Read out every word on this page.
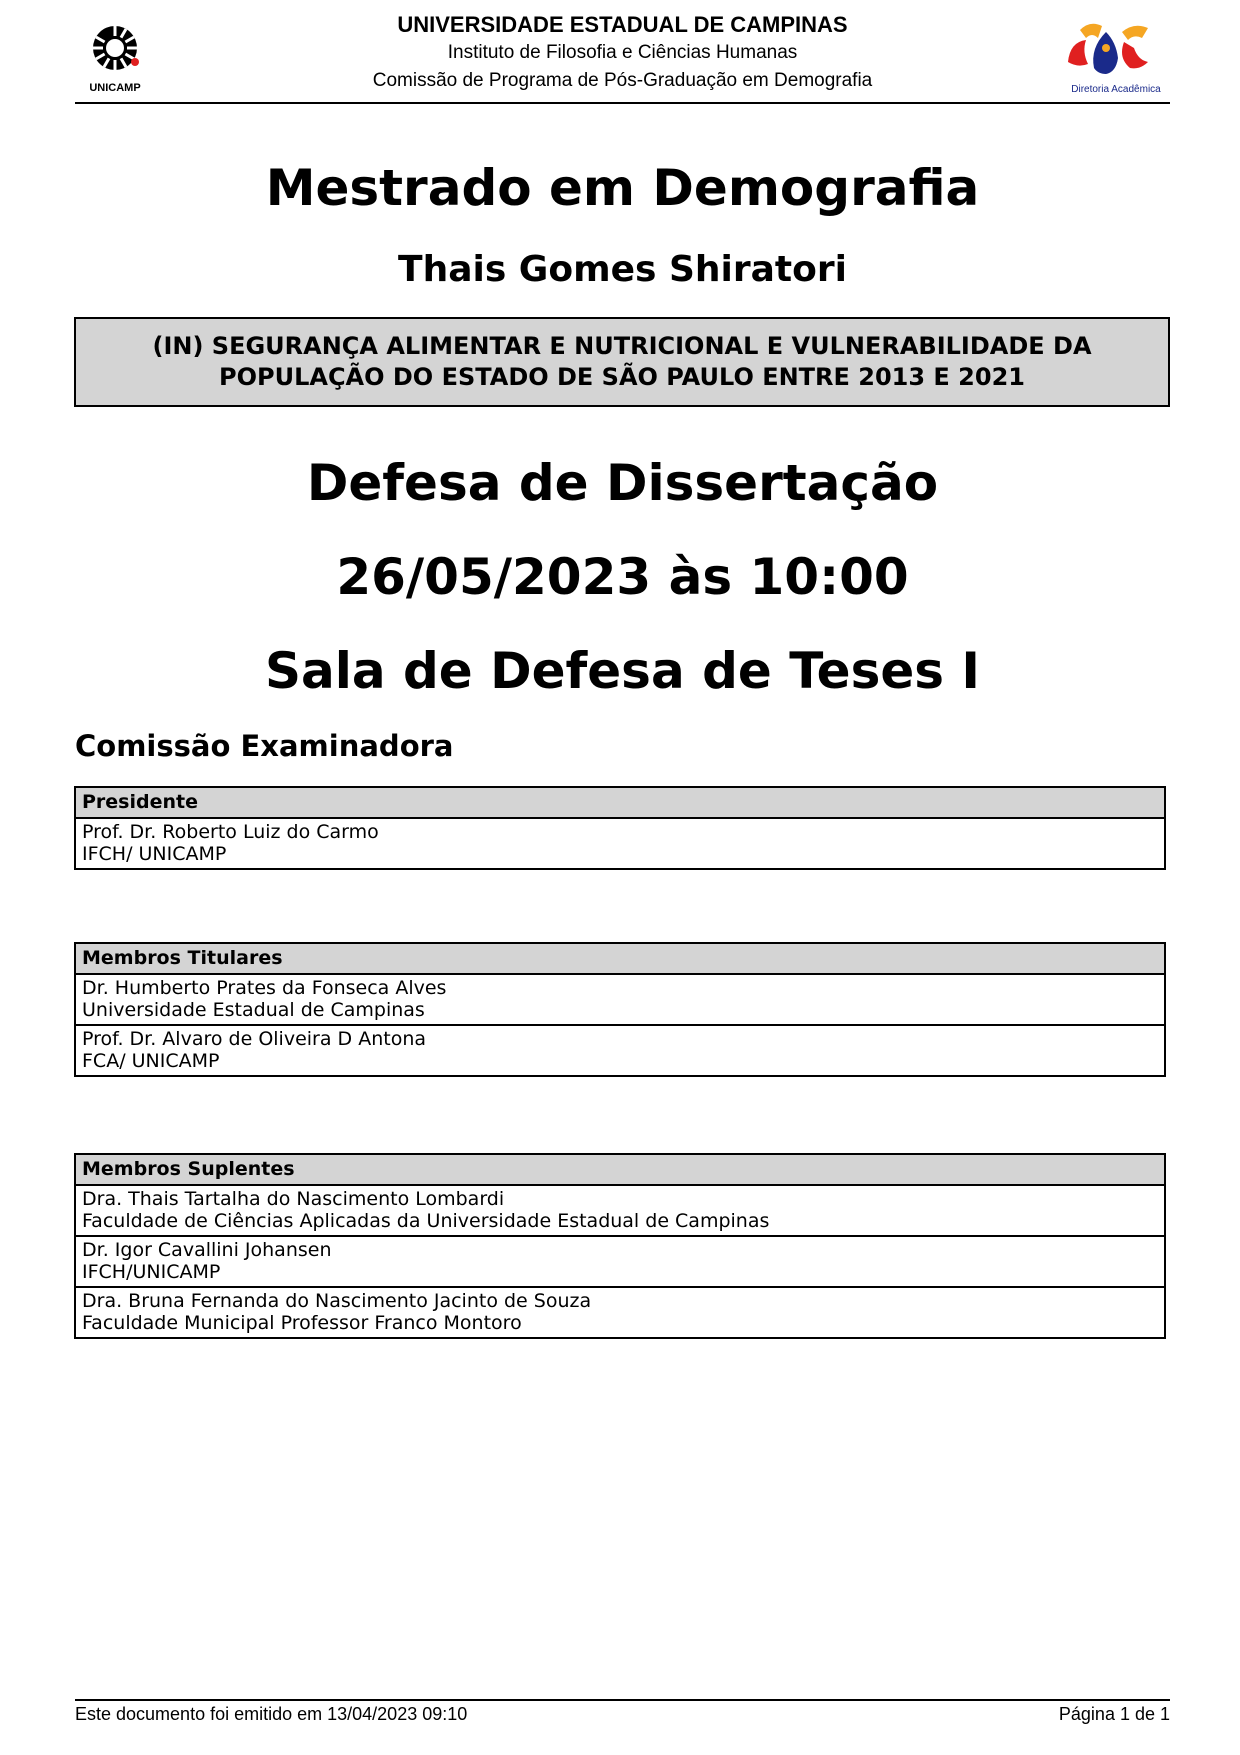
UNICAMP
UNIVERSIDADE ESTADUAL DE CAMPINAS
Instituto de Filosofia e Ciências Humanas
Comissão de Programa de Pós-Graduação em Demografia	Diretoria Acadêmica
Mestrado em Demografia
Thais Gomes Shiratori

(IN) SEGURANÇA ALIMENTAR E NUTRICIONAL E VULNERABILIDADE DA
POPULAÇÃO DO ESTADO DE SÃO PAULO ENTRE 2013 E 2021

Defesa de Dissertação
26/05/2023 às 10:00
Sala de Defesa de Teses I
Comissão Examinadora
Presidente
Prof. Dr. Roberto Luiz do Carmo
IFCH/ UNICAMP
Membros Titulares
Dr. Humberto Prates da Fonseca Alves
Universidade Estadual de Campinas
Prof. Dr. Alvaro de Oliveira D Antona
FCA/ UNICAMP
Membros Suplentes
Dra. Thais Tartalha do Nascimento Lombardi
Faculdade de Ciências Aplicadas da Universidade Estadual de Campinas
Dr. Igor Cavallini Johansen
IFCH/UNICAMP
Dra. Bruna Fernanda do Nascimento Jacinto de Souza
Faculdade Municipal Professor Franco Montoro
Este documento foi emitido em 13/04/2023 09:10	Página 1 de 1
